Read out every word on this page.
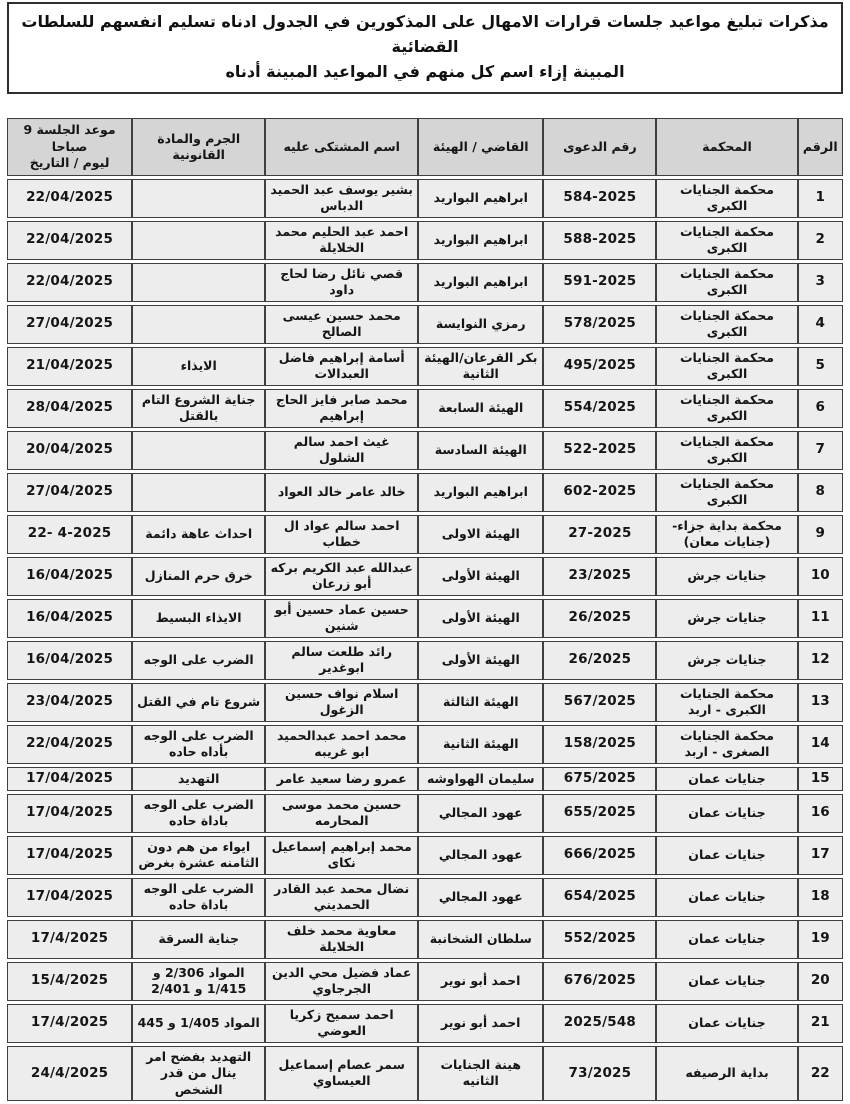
مذكرات تبليغ مواعيد جلسات قرارات الامهال على المذكورين في الجدول ادناه تسليم انفسهم للسلطات القضائية
المبينة إزاء اسم كل منهم في المواعيد المبينة أدناه
الرقم	المحكمة	رقم الدعوى	القاضي / الهيئة	اسم المشتكى عليه	الجرم والمادة القانونية	موعد الجلسة 9 صباحا
ليوم / التاريخ

1	محكمة الجنايات الكبرى	584-2025	ابراهيم البواريد	بشير يوسف عبد الحميد الدباس		22/04/2025
2	محكمة الجنايات الكبرى	588-2025	ابراهيم البواريد	احمد عبد الحليم محمد الخلايلة		22/04/2025
3	محكمة الجنايات الكبرى	591-2025	ابراهيم البواريد	قصي نائل رضا لحاج داود		22/04/2025
4	محمكة الجنايات الكبرى	578/2025	رمزي النوايسة	محمد حسين عيسى الصالح		27/04/2025
5	محكمة الجنايات الكبرى	495/2025	بكر القرعان/الهيئة الثانية	أسامة إبراهيم فاضل العبدالات	الايذاء	21/04/2025
6	محكمة الجنايات الكبرى	554/2025	الهيئة السابعة	محمد صابر فايز الحاج إبراهيم	جناية الشروع التام بالقتل	28/04/2025
7	محكمة الجنايات الكبرى	522-2025	الهيئة السادسة	غيث احمد سالم الشلول		20/04/2025
8	محكمة الجنايات الكبرى	602-2025	ابراهيم البواريد	خالد عامر خالد العواد		27/04/2025
9	محكمة بداية جزاء- (جنايات معان)	27-2025	الهيئة الاولى	احمد سالم عواد ال خطاب	احداث عاهة دائمة	22- 4-2025
10	جنايات جرش	23/2025	الهيئة الأولى	عبدالله عبد الكريم بركه أبو زرعان	خرق حرم المنازل	16/04/2025
11	جنايات جرش	26/2025	الهيئة الأولى	حسين عماد حسين أبو شنين	الايذاء البسيط	16/04/2025
12	جنايات جرش	26/2025	الهيئة الأولى	رائد طلعت سالم ابوغدير	الضرب على الوجه	16/04/2025
13	محكمة الجنايات الكبرى - اربد	567/2025	الهيئة الثالثة	اسلام نواف حسين الزغول	شروع تام في القتل	23/04/2025
14	محكمة الجنايات الصغرى - اربد	158/2025	الهيئة الثانية	محمد احمد عبدالحميد ابو غريبه	الضرب على الوجه بأداه حاده	22/04/2025
15	جنايات عمان	675/2025	سليمان الهواوشه	عمرو رضا سعيد عامر	التهديد	17/04/2025
16	جنايات عمان	655/2025	عهود المجالي	حسين محمد موسى المحارمه	الضرب على الوجه باداة حاده	17/04/2025
17	جنايات عمان	666/2025	عهود المجالي	محمد إبراهيم إسماعيل نكاى	ايواء من هم دون الثامنه عشرة بغرض	17/04/2025
18	جنايات عمان	654/2025	عهود المجالي	نضال محمد عبد القادر الحمديني	الضرب على الوجه باداة حاده	17/04/2025
19	جنايات عمان	552/2025	سلطان الشخانبة	معاوية محمد خلف الخلايلة	جناية السرقة	17/4/2025
20	جنايات عمان	676/2025	احمد أبو نوير	عماد فضيل محي الدين الجرجاوي	المواد 2/306 و 1/415 و 2/401	15/4/2025
21	جنايات عمان	2025/548	احمد أبو نوير	احمد سميح زكريا العوضي	المواد 1/405 و 445	17/4/2025
22	بداية الرصيفه	73/2025	هينة الجنايات الثانيه	سمر عصام إسماعيل العيساوي	التهديد بفضح امر ينال من قدر الشخص	24/4/2025
